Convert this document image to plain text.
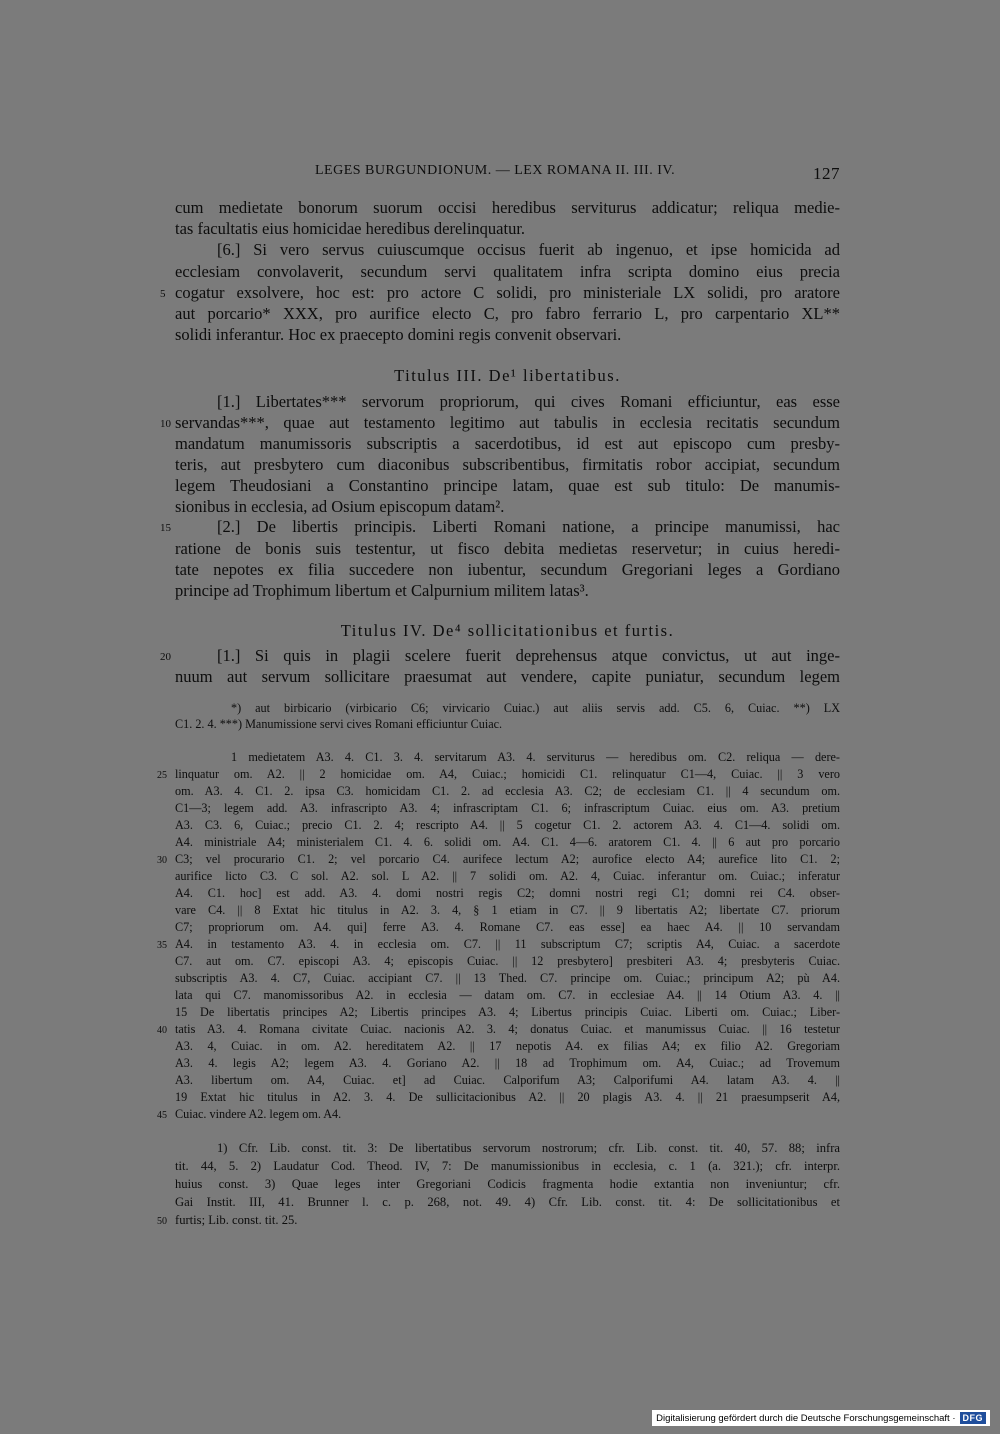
LEGES BURGUNDIONUM. — LEX ROMANA II. III. IV.	127
cum medietate bonorum suorum occisi heredibus serviturus addicatur; reliqua medie-
tas facultatis eius homicidae heredibus derelinquatur.
[6.] Si vero servus cuiuscumque occisus fuerit ab ingenuo, et ipse homicida ad
ecclesiam convolaverit, secundum servi qualitatem infra scripta domino eius precia
5 cogatur exsolvere, hoc est: pro actore C solidi, pro ministeriale LX solidi, pro aratore
aut porcario* XXX, pro aurifice electo C, pro fabro ferrario L, pro carpentario XL**
solidi inferantur. Hoc ex praecepto domini regis convenit observari.
Titulus III. De¹ libertatibus.
[1.] Libertates*** servorum propriorum, qui cives Romani efficiuntur, eas esse
10 servandas***, quae aut testamento legitimo aut tabulis in ecclesia recitatis secundum
mandatum manumissoris subscriptis a sacerdotibus, id est aut episcopo cum presby-
teris, aut presbytero cum diaconibus subscribentibus, firmitatis robor accipiat, secundum
legem Theudosiani a Constantino principe latam, quae est sub titulo: De manumis-
sionibus in ecclesia, ad Osium episcopum datam².
15	[2.] De libertis principis. Liberti Romani natione, a principe manumissi, hac
ratione de bonis suis testentur, ut fisco debita medietas reservetur; in cuius heredi-
tate nepotes ex filia succedere non iubentur, secundum Gregoriani leges a Gordiano
principe ad Trophimum libertum et Calpurnium militem latas³.
Titulus IV. De⁴ sollicitationibus et furtis.
20	[1.] Si quis in plagii scelere fuerit deprehensus atque convictus, ut aut inge-
nuum aut servum sollicitare praesumat aut vendere, capite puniatur, secundum legem
*) aut birbicario (virbicario C6; virvicario Cuiac.) aut aliis servis add. C5. 6, Cuiac. **) LX
C1. 2. 4. ***) Manumissione servi cives Romani efficiuntur Cuiac.
1 medietatem A3. 4. C1. 3. 4. servitarum A3. 4. serviturus — heredibus om. C2. reliqua — dere-
25 linquatur om. A2. || 2 homicidae om. A4, Cuiac.; homicidi C1. relinquatur C1—4, Cuiac. || 3 vero
om. A3. 4. C1. 2. ipsa C3. homicidam C1. 2. ad ecclesia A3. C2; de ecclesiam C1. || 4 secundum om.
C1—3; legem add. A3. infrascripto A3. 4; infrascriptam C1. 6; infrascriptum Cuiac. eius om. A3. pretium
A3. C3. 6, Cuiac.; precio C1. 2. 4; rescripto A4. || 5 cogetur C1. 2. actorem A3. 4. C1—4. solidi om.
A4. ministriale A4; ministerialem C1. 4. 6. solidi om. A4. C1. 4—6. aratorem C1. 4. || 6 aut pro porcario
30 C3; vel procurario C1. 2; vel porcario C4. aurifece lectum A2; aurofice electo A4; aurefice lito C1. 2;
aurifice licto C3. C sol. A2. sol. L A2. || 7 solidi om. A2. 4, Cuiac. inferantur om. Cuiac.; inferatur
A4. C1. hoc] est add. A3. 4. domi nostri regis C2; domni nostri regi C1; domni rei C4. obser-
vare C4. || 8 Extat hic titulus in A2. 3. 4, § 1 etiam in C7. || 9 libertatis A2; libertate C7. priorum
C7; propriorum om. A4. qui] ferre A3. 4. Romane C7. eas esse] ea haec A4. || 10 servandam
35 A4. in testamento A3. 4. in ecclesia om. C7. || 11 subscriptum C7; scriptis A4, Cuiac. a sacerdote
C7. aut om. C7. episcopi A3. 4; episcopis Cuiac. || 12 presbytero] presbiteri A3. 4; presbyteris Cuiac.
subscriptis A3. 4. C7, Cuiac. accipiant C7. || 13 Thed. C7. principe om. Cuiac.; principum A2; pù A4.
lata qui C7. manomissoribus A2. in ecclesia — datam om. C7. in ecclesiae A4. || 14 Otium A3. 4. ||
15 De libertatis principes A2; Libertis principes A3. 4; Libertus principis Cuiac. Liberti om. Cuiac.; Liber-
40 tatis A3. 4. Romana civitate Cuiac. nacionis A2. 3. 4; donatus Cuiac. et manumissus Cuiac. || 16 testetur
A3. 4, Cuiac. in om. A2. hereditatem A2. || 17 nepotis A4. ex filias A4; ex filio A2. Gregoriam
A3. 4. legis A2; legem A3. 4. Goriano A2. || 18 ad Trophimum om. A4, Cuiac.; ad Trovemum
A3. libertum om. A4, Cuiac. et] ad Cuiac. Calporifum A3; Calporifumi A4. latam A3. 4. ||
19 Extat hic titulus in A2. 3. 4. De sullicitacionibus A2. || 20 plagis A3. 4. || 21 praesumpserit A4,
45 Cuiac. vindere A2. legem om. A4.
1) Cfr. Lib. const. tit. 3: De libertatibus servorum nostrorum; cfr. Lib. const. tit. 40, 57. 88; infra
tit. 44, 5. 2) Laudatur Cod. Theod. IV, 7: De manumissionibus in ecclesia, c. 1 (a. 321.); cfr. interpr.
huius const. 3) Quae leges inter Gregoriani Codicis fragmenta hodie extantia non inveniuntur; cfr.
Gai Instit. III, 41. Brunner l. c. p. 268, not. 49. 4) Cfr. Lib. const. tit. 4: De sollicitationibus et
50 furtis; Lib. const. tit. 25.
Digitalisierung gefördert durch die Deutsche Forschungsgemeinschaft · DFG
